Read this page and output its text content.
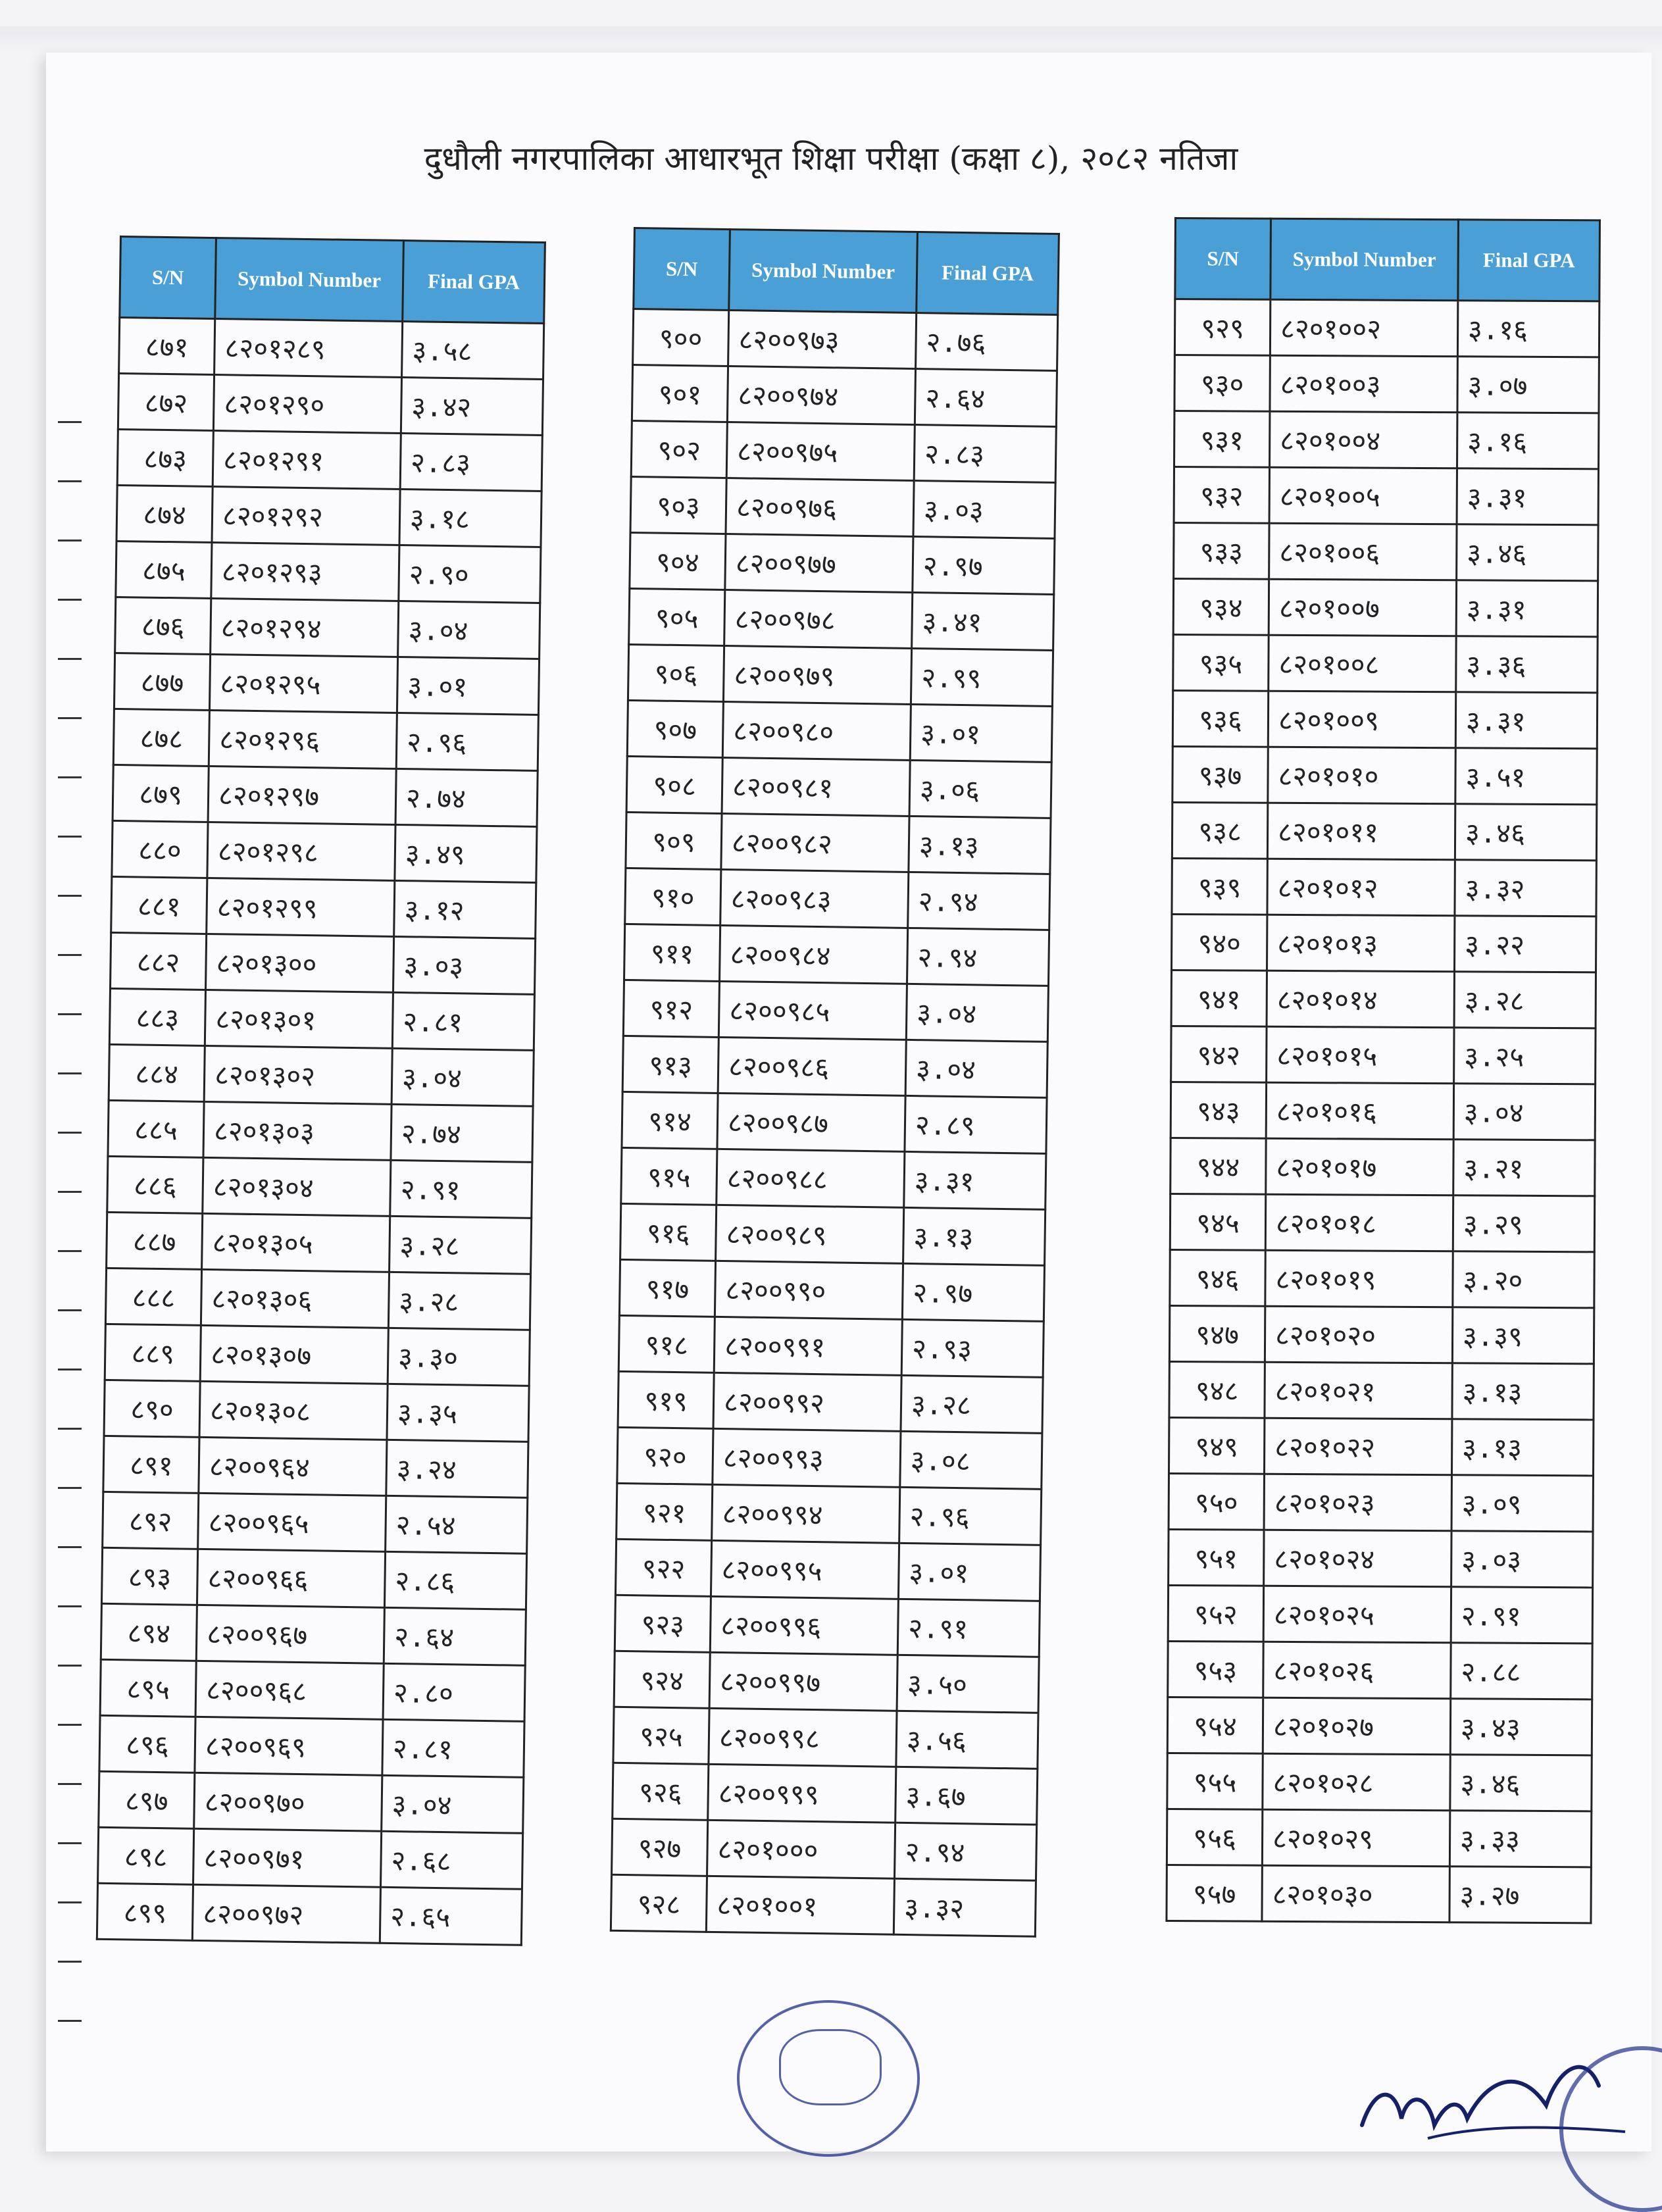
दुधौली नगरपालिका आधारभूत शिक्षा परीक्षा (कक्षा ८), २०८२ नतिजा
S/N	Symbol Number	Final GPA
८७१	८२०१२८९	३.५८
८७२	८२०१२९०	३.४२
८७३	८२०१२९१	२.८३
८७४	८२०१२९२	३.१८
८७५	८२०१२९३	२.९०
८७६	८२०१२९४	३.०४
८७७	८२०१२९५	३.०१
८७८	८२०१२९६	२.९६
८७९	८२०१२९७	२.७४
८८०	८२०१२९८	३.४९
८८१	८२०१२९९	३.१२
८८२	८२०१३००	३.०३
८८३	८२०१३०१	२.८१
८८४	८२०१३०२	३.०४
८८५	८२०१३०३	२.७४
८८६	८२०१३०४	२.९१
८८७	८२०१३०५	३.२८
८८८	८२०१३०६	३.२८
८८९	८२०१३०७	३.३०
८९०	८२०१३०८	३.३५
८९१	८२००९६४	३.२४
८९२	८२००९६५	२.५४
८९३	८२००९६६	२.८६
८९४	८२००९६७	२.६४
८९५	८२००९६८	२.८०
८९६	८२००९६९	२.८१
८९७	८२००९७०	३.०४
८९८	८२००९७१	२.६८
८९९	८२००९७२	२.६५
S/N	Symbol Number	Final GPA
९००	८२००९७३	२.७६
९०१	८२००९७४	२.६४
९०२	८२००९७५	२.८३
९०३	८२००९७६	३.०३
९०४	८२००९७७	२.९७
९०५	८२००९७८	३.४१
९०६	८२००९७९	२.९९
९०७	८२००९८०	३.०१
९०८	८२००९८१	३.०६
९०९	८२००९८२	३.१३
९१०	८२००९८३	२.९४
९११	८२००९८४	२.९४
९१२	८२००९८५	३.०४
९१३	८२००९८६	३.०४
९१४	८२००९८७	२.८९
९१५	८२००९८८	३.३१
९१६	८२००९८९	३.१३
९१७	८२००९९०	२.९७
९१८	८२००९९१	२.९३
९१९	८२००९९२	३.२८
९२०	८२००९९३	३.०८
९२१	८२००९९४	२.९६
९२२	८२००९९५	३.०१
९२३	८२००९९६	२.९१
९२४	८२००९९७	३.५०
९२५	८२००९९८	३.५६
९२६	८२००९९९	३.६७
९२७	८२०१०००	२.९४
९२८	८२०१००१	३.३२
S/N	Symbol Number	Final GPA
९२९	८२०१००२	३.१६
९३०	८२०१००३	३.०७
९३१	८२०१००४	३.१६
९३२	८२०१००५	३.३१
९३३	८२०१००६	३.४६
९३४	८२०१००७	३.३१
९३५	८२०१००८	३.३६
९३६	८२०१००९	३.३१
९३७	८२०१०१०	३.५१
९३८	८२०१०११	३.४६
९३९	८२०१०१२	३.३२
९४०	८२०१०१३	३.२२
९४१	८२०१०१४	३.२८
९४२	८२०१०१५	३.२५
९४३	८२०१०१६	३.०४
९४४	८२०१०१७	३.२१
९४५	८२०१०१८	३.२९
९४६	८२०१०१९	३.२०
९४७	८२०१०२०	३.३९
९४८	८२०१०२१	३.१३
९४९	८२०१०२२	३.१३
९५०	८२०१०२३	३.०९
९५१	८२०१०२४	३.०३
९५२	८२०१०२५	२.९१
९५३	८२०१०२६	२.८८
९५४	८२०१०२७	३.४३
९५५	८२०१०२८	३.४६
९५६	८२०१०२९	३.३३
९५७	८२०१०३०	३.२७
